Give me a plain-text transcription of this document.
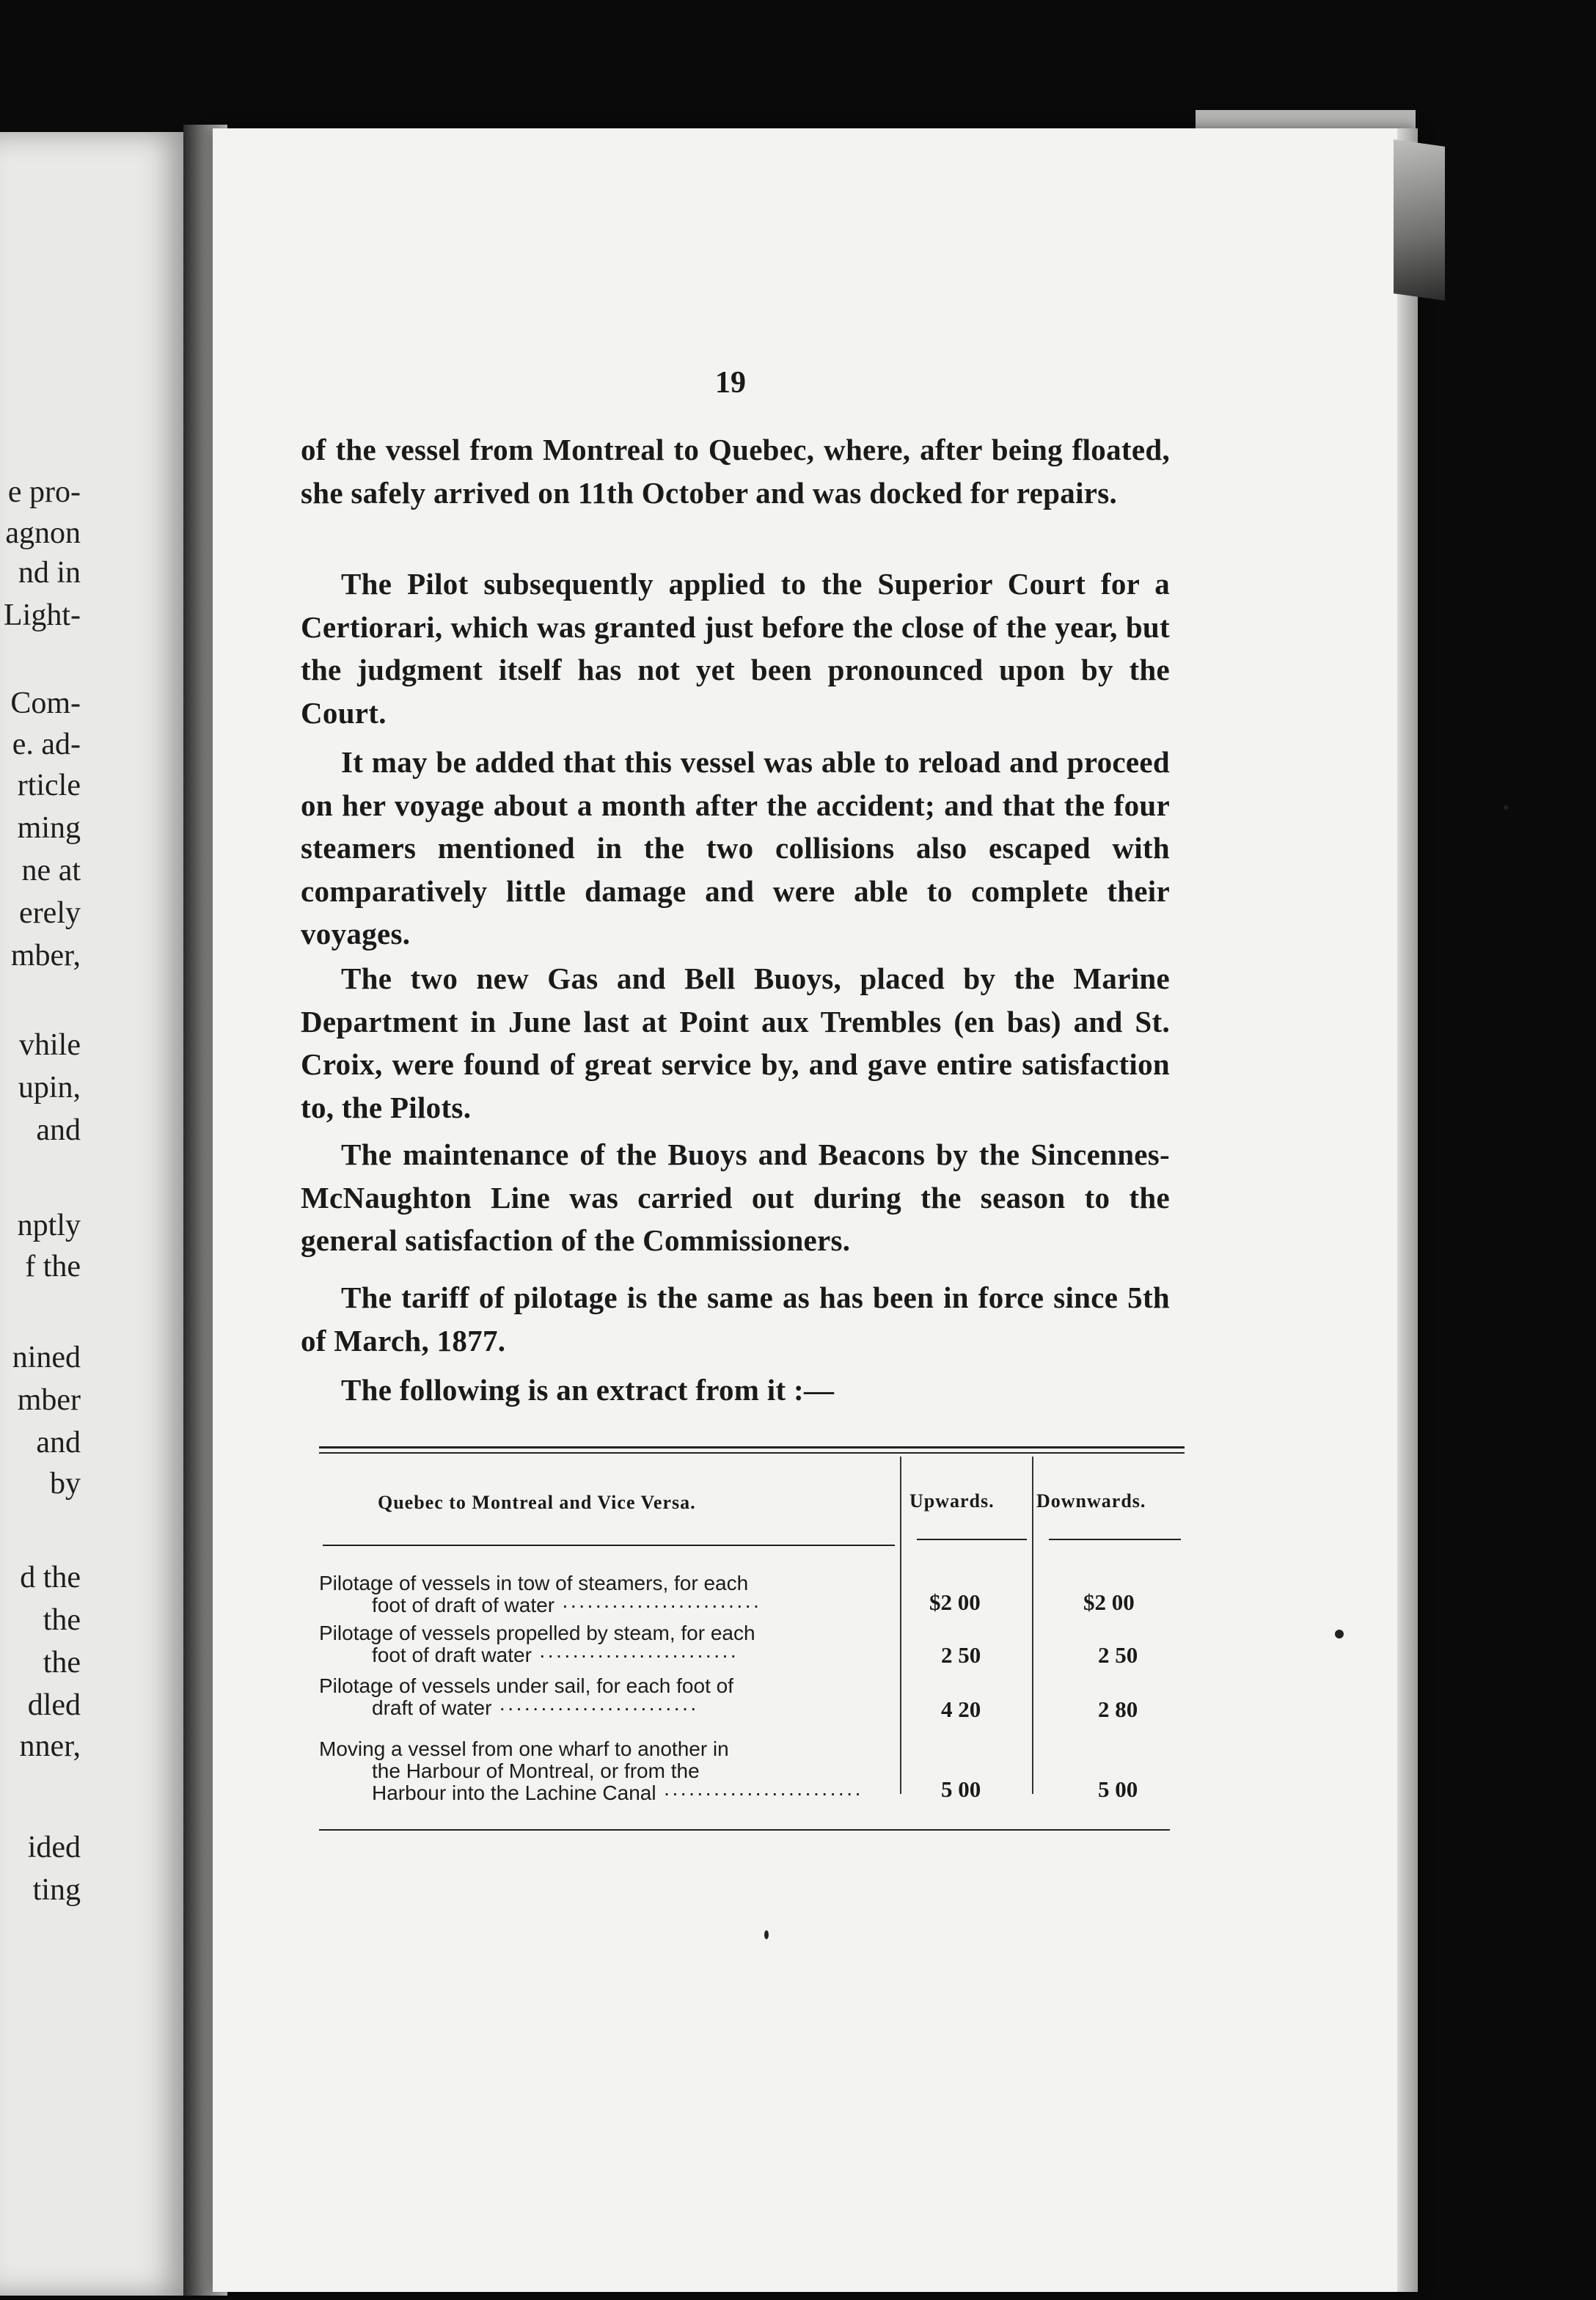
e pro-
agnon
nd in
Light-
Com-
e. ad-
rticle
ming
ne at
erely
mber,
vhile
upin,
and
nptly
f the
nined
mber
and
by
d the
the
the
dled
nner,
ided
ting
19

of the vessel from Montreal to Quebec, where, after being floated, she safely arrived on 11th October and was docked for repairs.

The Pilot subsequently applied to the Superior Court for a Certiorari, which was granted just before the close of the year, but the judgment itself has not yet been pronounced upon by the Court.

It may be added that this vessel was able to reload and proceed on her voyage about a month after the accident; and that the four steamers mentioned in the two collisions also escaped with comparatively little damage and were able to complete their voyages.

The two new Gas and Bell Buoys, placed by the Marine Department in June last at Point aux Trembles (en bas) and St. Croix, were found of great service by, and gave entire satisfaction to, the Pilots.

The maintenance of the Buoys and Beacons by the Sincennes-McNaughton Line was carried out during the season to the general satisfaction of the Commissioners.

The tariff of pilotage is the same as has been in force since 5th of March, 1877.

The following is an extract from it :—

Quebec to Montreal and Vice Versa.	Upwards. Downwards.
Pilotage of vessels in tow of steamers, for each
foot of draft of water ·····	$2 00	$2 00
Pilotage of vessels propelled by steam, for each
foot of draft water ·····	2 50	2 50
Pilotage of vessels under sail, for each foot of
draft of water ·····	4 20	2 80
Moving a vessel from one wharf to another in
the Harbour of Montreal, or from the
Harbour into the Lachine Canal ·····	5 00	5 00
